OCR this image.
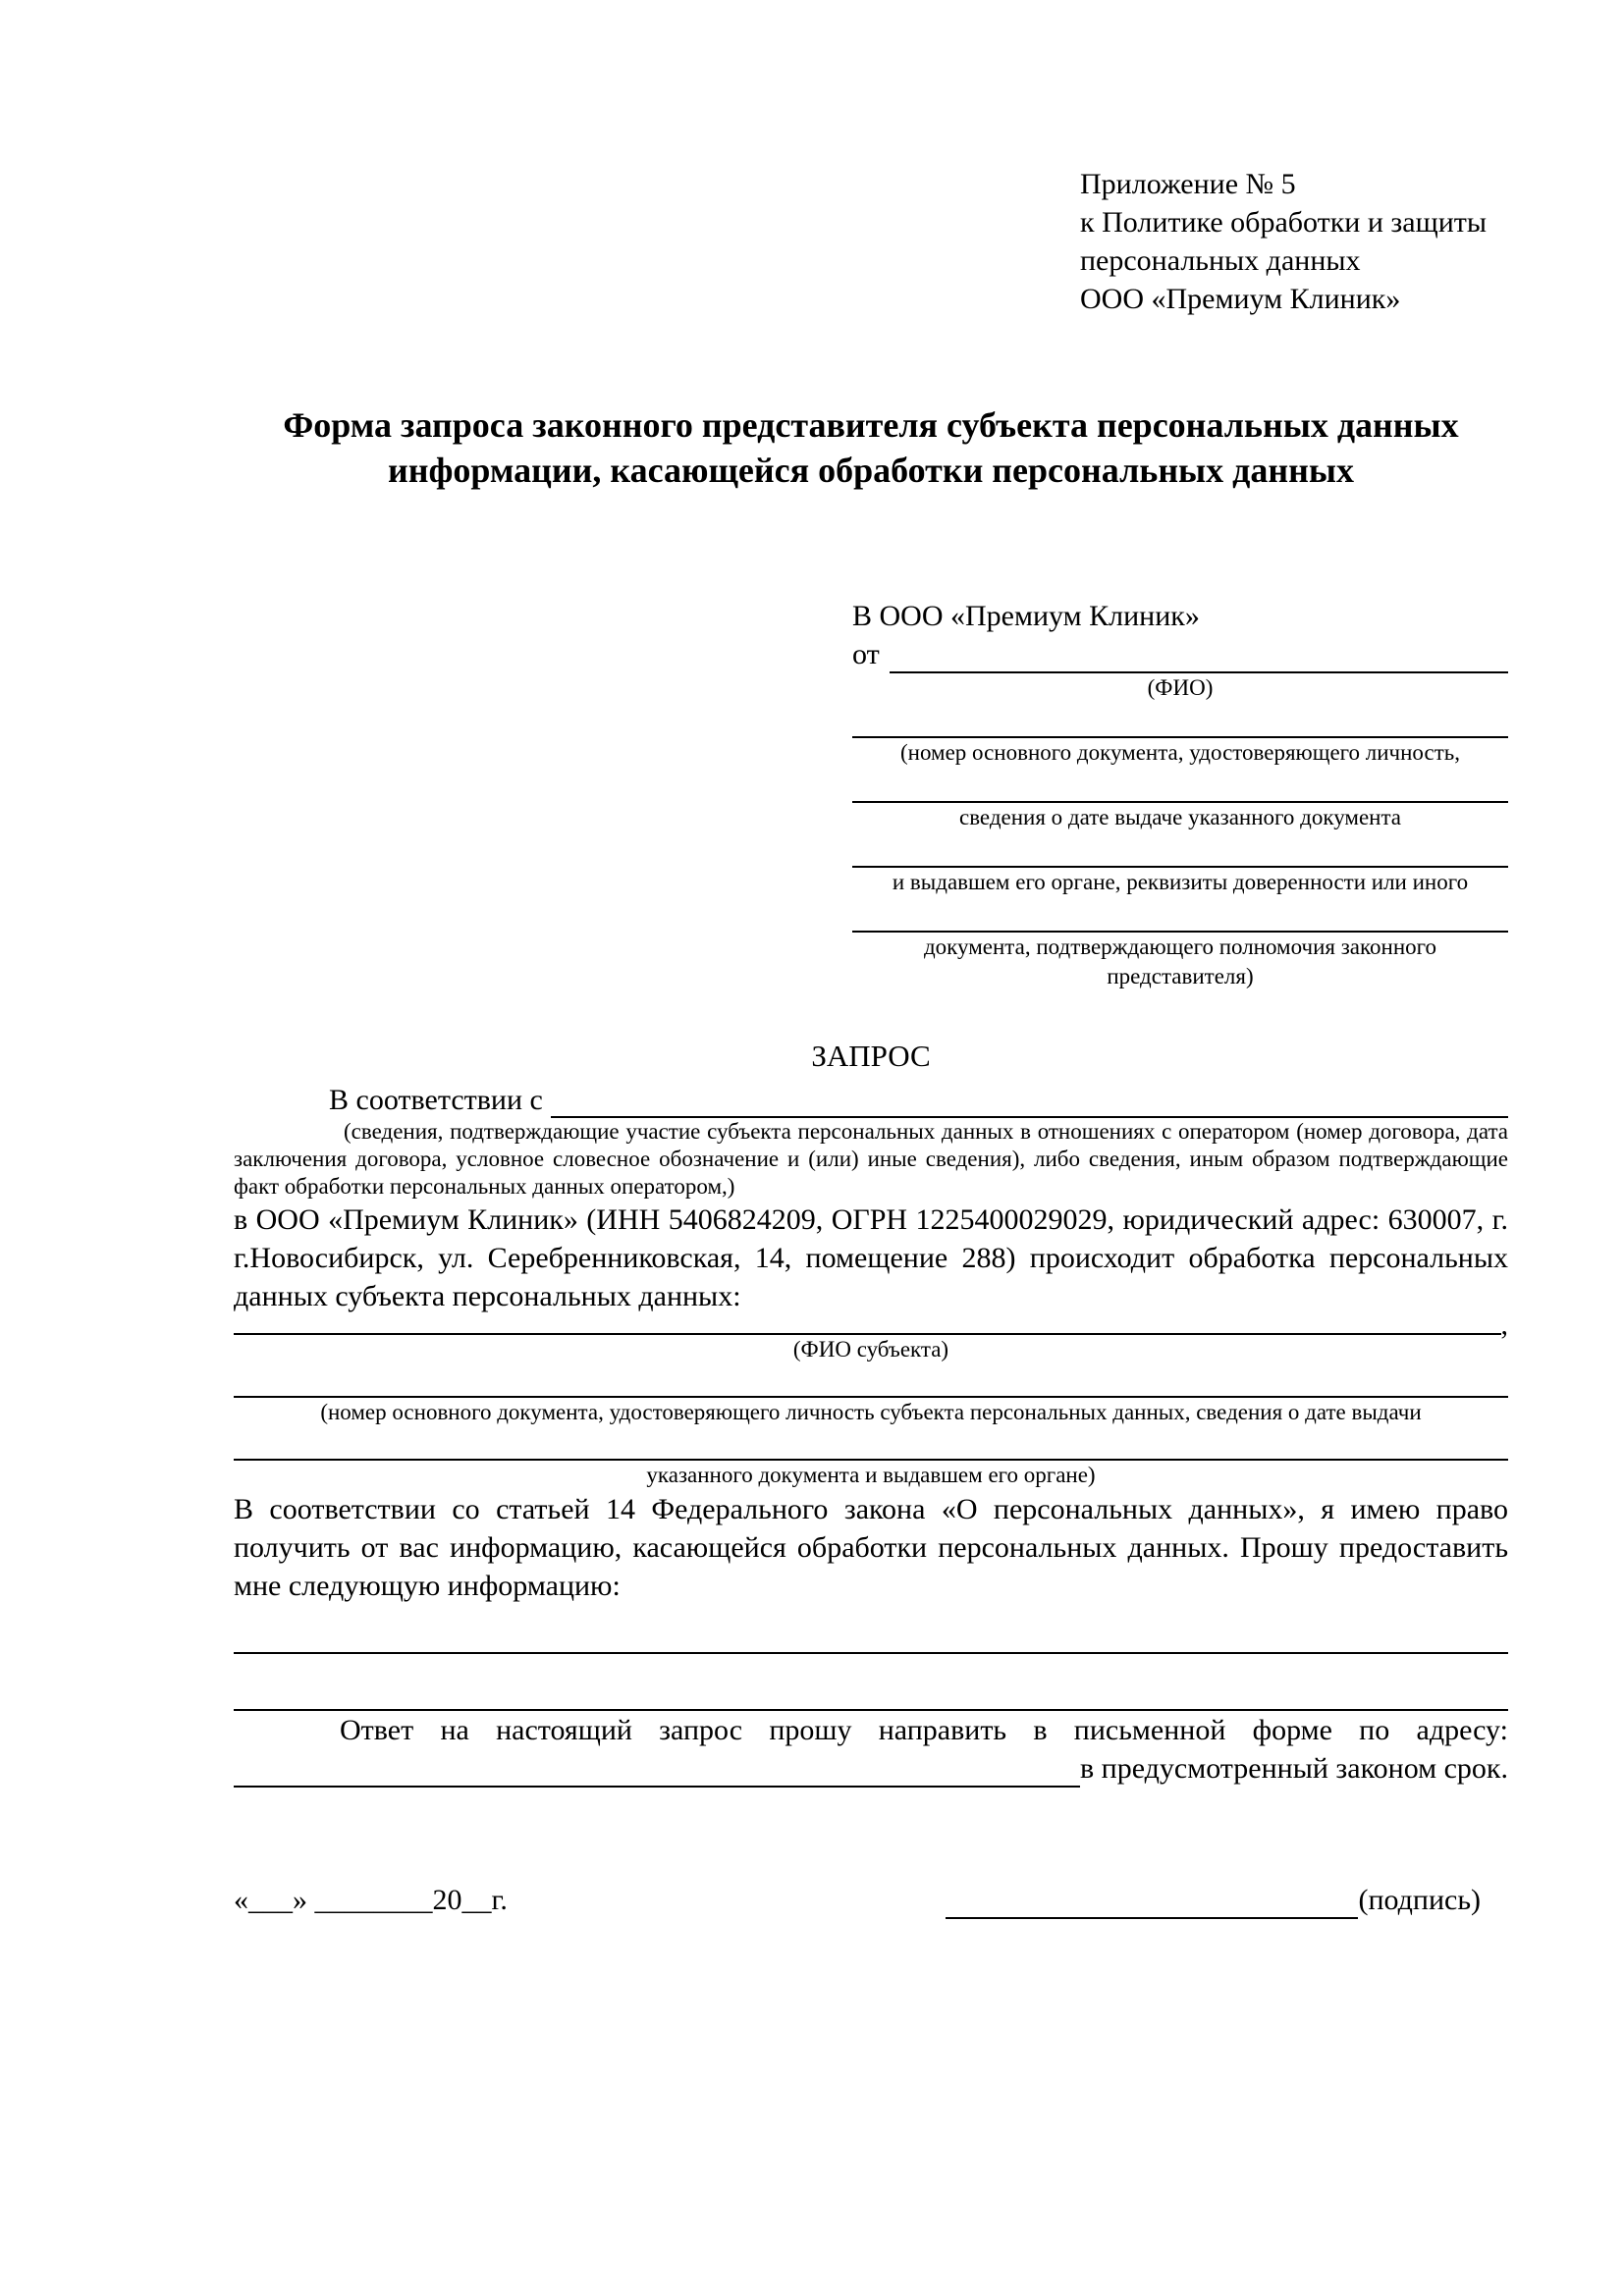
Приложение № 5
к Политике обработки и защиты
персональных данных
ООО «Премиум Клиник»
Форма запроса законного представителя субъекта персональных данных
информации, касающейся обработки персональных данных
В ООО «Премиум Клиник»
от
(ФИО)
(номер основного документа, удостоверяющего личность,
сведения о дате выдаче указанного документа
и выдавшем его органе, реквизиты доверенности или иного
документа, подтверждающего полномочия законного представителя)
ЗАПРОС
В соответствии с
(сведения, подтверждающие участие субъекта персональных данных в отношениях с оператором (номер договора, дата заключения договора, условное словесное обозначение и (или) иные сведения), либо сведения, иным образом подтверждающие факт обработки персональных данных оператором,)
в ООО «Премиум Клиник» (ИНН 5406824209, ОГРН 1225400029029, юридический адрес: 630007, г. г.Новосибирск, ул. Серебренниковская, 14, помещение 288) происходит обработка персональных данных субъекта персональных данных:
,
(ФИО субъекта)
(номер основного документа, удостоверяющего личность субъекта персональных данных, сведения о дате выдачи
указанного документа и выдавшем его органе)
В соответствии со статьей 14 Федерального закона «О персональных данных», я имею право получить от вас информацию, касающейся обработки персональных данных. Прошу предоставить мне следующую информацию:
Ответ на настоящий запрос прошу направить в письменной форме по адресу:
в предусмотренный законом срок.
«___» ________20__г.	(подпись)
